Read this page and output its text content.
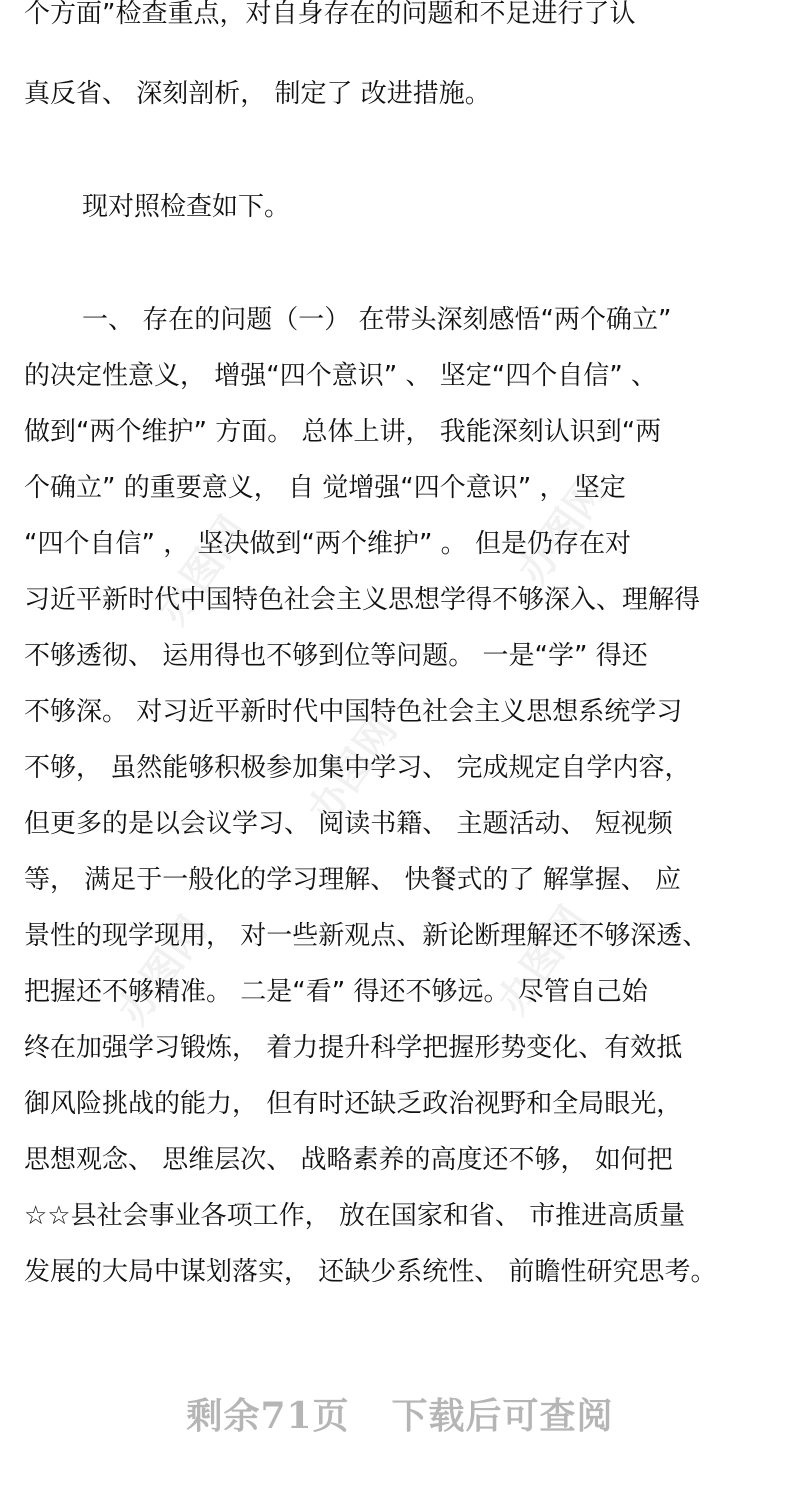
办图网	办图网
办图网
办图网
办图网
个方面”检查重点，对自身存在的问题和不足进行了认
真反省、 深刻剖析， 制定了 改进措施。
现对照检查如下。
一、 存在的问题（一） 在带头深刻感悟“两个确立”
的决定性意义， 增强“四个意识” 、 坚定“四个自信” 、
做到“两个维护” 方面。 总体上讲， 我能深刻认识到“两
个确立” 的重要意义， 自 觉增强“四个意识” ， 坚定
“四个自信” ， 坚决做到“两个维护” 。 但是仍存在对
习近平新时代中国特色社会主义思想学得不够深入、理解得
不够透彻、 运用得也不够到位等问题。 一是“学” 得还
不够深。 对习近平新时代中国特色社会主义思想系统学习
不够， 虽然能够积极参加集中学习、 完成规定自学内容，
但更多的是以会议学习、 阅读书籍、 主题活动、 短视频
等， 满足于一般化的学习理解、 快餐式的了 解掌握、 应
景性的现学现用， 对一些新观点、新论断理解还不够深透、
把握还不够精准。 二是“看” 得还不够远。 尽管自己始
终在加强学习锻炼， 着力提升科学把握形势变化、有效抵
御风险挑战的能力， 但有时还缺乏政治视野和全局眼光，
思想观念、 思维层次、 战略素养的高度还不够， 如何把
☆☆县社会事业各项工作， 放在国家和省、 市推进高质量
发展的大局中谋划落实， 还缺少系统性、 前瞻性研究思考。
剩余71页 下载后可查阅
